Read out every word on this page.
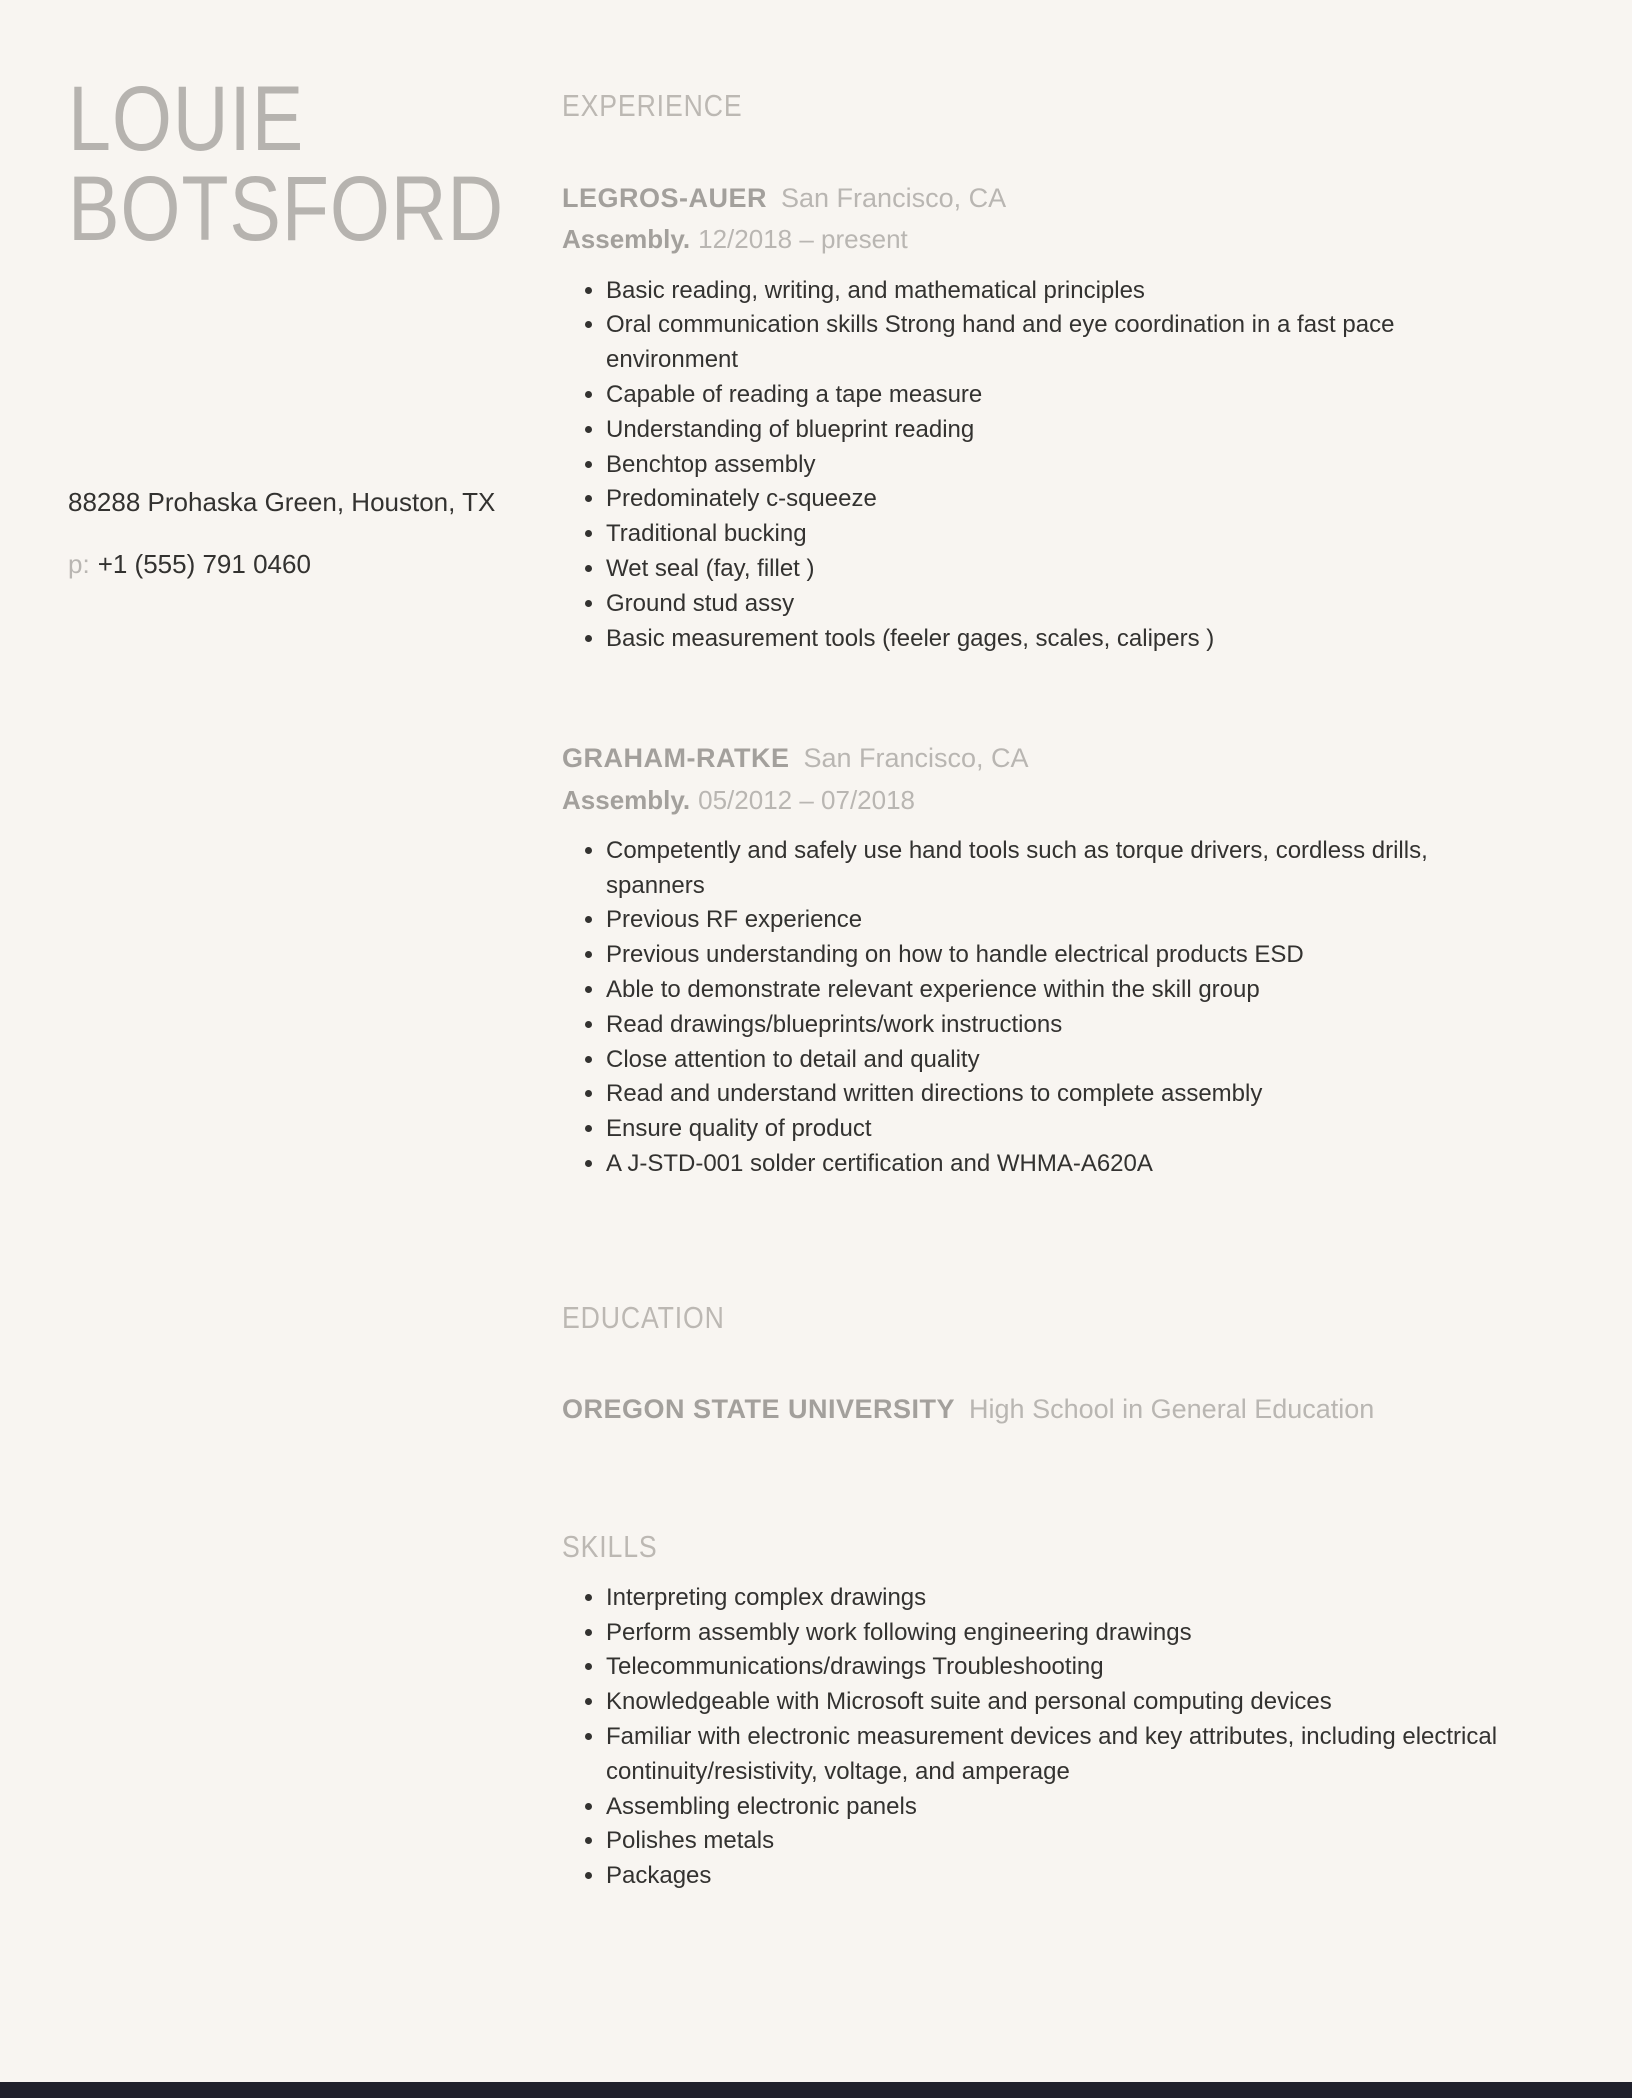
LOUIE
BOTSFORD
88288 Prohaska Green, Houston, TX
p: +1 (555) 791 0460
EXPERIENCE
LEGROS-AUER San Francisco, CA
Assembly. 12/2018 – present
• Basic reading, writing, and mathematical principles
• Oral communication skills Strong hand and eye coordination in a fast pace environment
• Capable of reading a tape measure
• Understanding of blueprint reading
• Benchtop assembly
• Predominately c-squeeze
• Traditional bucking
• Wet seal (fay, fillet )
• Ground stud assy
• Basic measurement tools (feeler gages, scales, calipers )
GRAHAM-RATKE San Francisco, CA
Assembly. 05/2012 – 07/2018
• Competently and safely use hand tools such as torque drivers, cordless drills, spanners
• Previous RF experience
• Previous understanding on how to handle electrical products ESD
• Able to demonstrate relevant experience within the skill group
• Read drawings/blueprints/work instructions
• Close attention to detail and quality
• Read and understand written directions to complete assembly
• Ensure quality of product
• A J-STD-001 solder certification and WHMA-A620A
EDUCATION
OREGON STATE UNIVERSITY High School in General Education
SKILLS
• Interpreting complex drawings
• Perform assembly work following engineering drawings
• Telecommunications/drawings Troubleshooting
• Knowledgeable with Microsoft suite and personal computing devices
• Familiar with electronic measurement devices and key attributes, including electrical continuity/resistivity, voltage, and amperage
• Assembling electronic panels
• Polishes metals
• Packages
